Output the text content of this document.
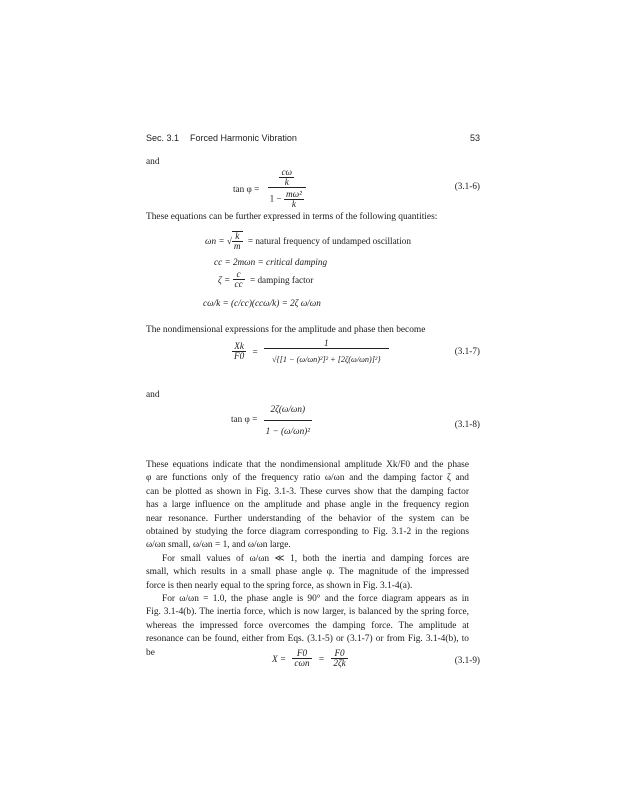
Sec. 3.1 Forced Harmonic Vibration	53
and
$\tan \varphi = \frac{\frac{c\omega}{k}}{1 - \frac{\text{mω²}}{k}}$	(3.1-6)
These equations can be further expressed in terms of the following quantities:
ωn = √ $\frac{k}{m}$ = natural frequency of undamped oscillation
cc = 2mωn = critical damping
$\zeta = \frac{c}{cc}$ = damping factor
cω/k = (c/cc)(ccω/k) = 2ζ ω/ωn
The nondimensional expressions for the amplitude and phase then become
$\frac{Xk}{F0} = \frac{1}{\text{√\{[1 − (ω/ωn)²]² + [2ζ(ω/ωn)]²\}}}$	(3.1-7)
and
$\tan \varphi = \frac{2\zeta(\omega/\omega n)}{\text{1 − (ω/ωn)²}}$	(3.1-8)
These equations indicate that the nondimensional amplitude Xk/F0 and the phase
φ are functions only of the frequency ratio ω/ωn and the damping factor ζ and
can be plotted as shown in Fig. 3.1-3. These curves show that the damping factor
has a large influence on the amplitude and phase angle in the frequency region
near resonance. Further understanding of the behavior of the system can be
obtained by studying the force diagram corresponding to Fig. 3.1-2 in the regions
ω/ωn small, ω/ωn = 1, and ω/ωn large.
For small values of ω/ωn ≪ 1, both the inertia and damping forces are
small, which results in a small phase angle φ. The magnitude of the impressed
force is then nearly equal to the spring force, as shown in Fig. 3.1-4(a).
For ω/ωn = 1.0, the phase angle is 90° and the force diagram appears as in
Fig. 3.1-4(b). The inertia force, which is now larger, is balanced by the spring force,
whereas the impressed force overcomes the damping force. The amplitude at
resonance can be found, either from Eqs. (3.1-5) or (3.1-7) or from Fig. 3.1-4(b), to
be
$X = \frac{F0}{\text{cωn}} = \frac{F0}{2\zeta k}$	(3.1-9)
